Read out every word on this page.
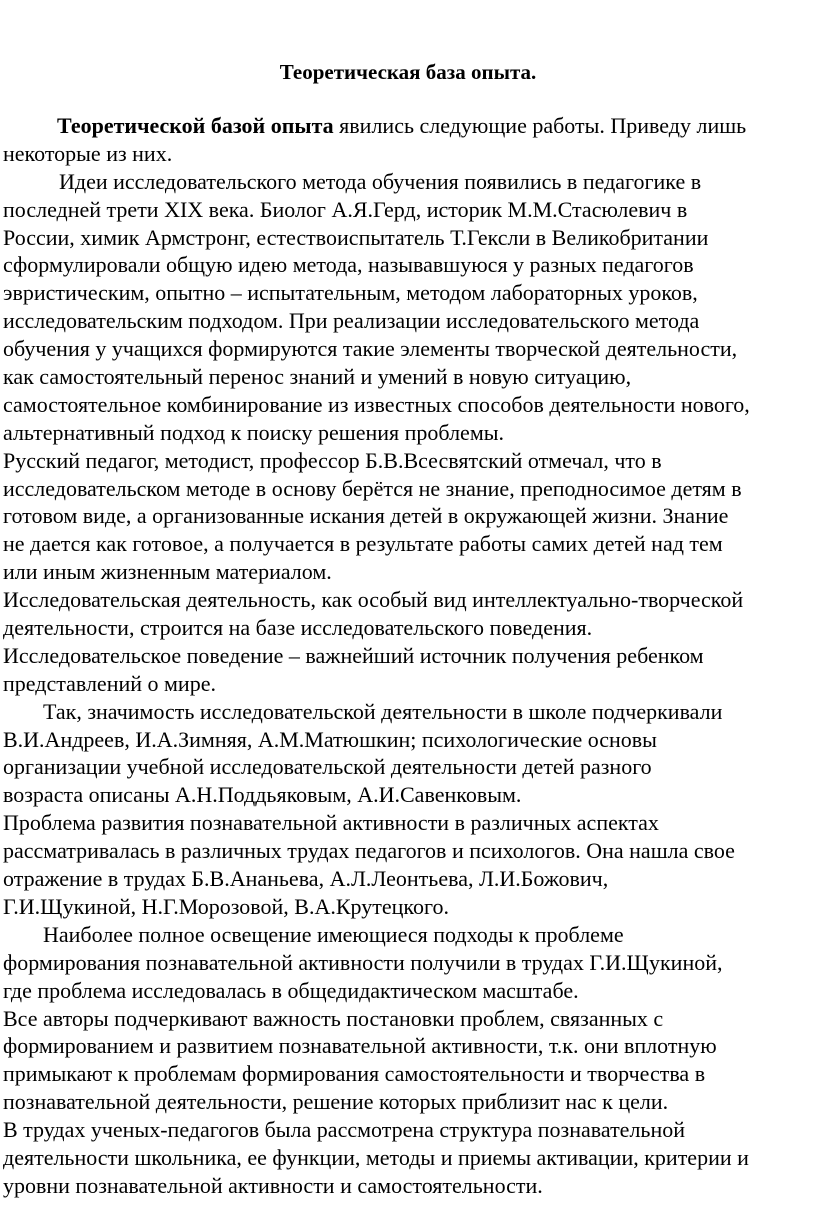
Теоретическая база опыта.
Теоретической базой опыта явились следующие работы. Приведу лишь
некоторые из них.
Идеи исследовательского метода обучения появились в педагогике в
последней трети XIX века. Биолог А.Я.Герд, историк М.М.Стасюлевич в
России, химик Армстронг, естествоиспытатель Т.Гексли в Великобритании
сформулировали общую идею метода, называвшуюся у разных педагогов
эвристическим, опытно – испытательным, методом лабораторных уроков,
исследовательским подходом. При реализации исследовательского метода
обучения у учащихся формируются такие элементы творческой деятельности,
как самостоятельный перенос знаний и умений в новую ситуацию,
самостоятельное комбинирование из известных способов деятельности нового,
альтернативный подход к поиску решения проблемы.
Русский педагог, методист, профессор Б.В.Всесвятский отмечал, что в
исследовательском методе в основу берётся не знание, преподносимое детям в
готовом виде, а организованные искания детей в окружающей жизни. Знание
не дается как готовое, а получается в результате работы самих детей над тем
или иным жизненным материалом.
Исследовательская деятельность, как особый вид интеллектуально-творческой
деятельности, строится на базе исследовательского поведения.
Исследовательское поведение – важнейший источник получения ребенком
представлений о мире.
Так, значимость исследовательской деятельности в школе подчеркивали
В.И.Андреев, И.А.Зимняя, А.М.Матюшкин; психологические основы
организации учебной исследовательской деятельности детей разного
возраста описаны А.Н.Поддьяковым, А.И.Савенковым.
Проблема развития познавательной активности в различных аспектах
рассматривалась в различных трудах педагогов и психологов. Она нашла свое
отражение в трудах Б.В.Ананьева, А.Л.Леонтьева, Л.И.Божович,
Г.И.Щукиной, Н.Г.Морозовой, В.А.Крутецкого.
Наиболее полное освещение имеющиеся подходы к проблеме
формирования познавательной активности получили в трудах Г.И.Щукиной,
где проблема исследовалась в общедидактическом масштабе.
Все авторы подчеркивают важность постановки проблем, связанных с
формированием и развитием познавательной активности, т.к. они вплотную
примыкают к проблемам формирования самостоятельности и творчества в
познавательной деятельности, решение которых приблизит нас к цели.
В трудах ученых-педагогов была рассмотрена структура познавательной
деятельности школьника, ее функции, методы и приемы активации, критерии и
уровни познавательной активности и самостоятельности.
